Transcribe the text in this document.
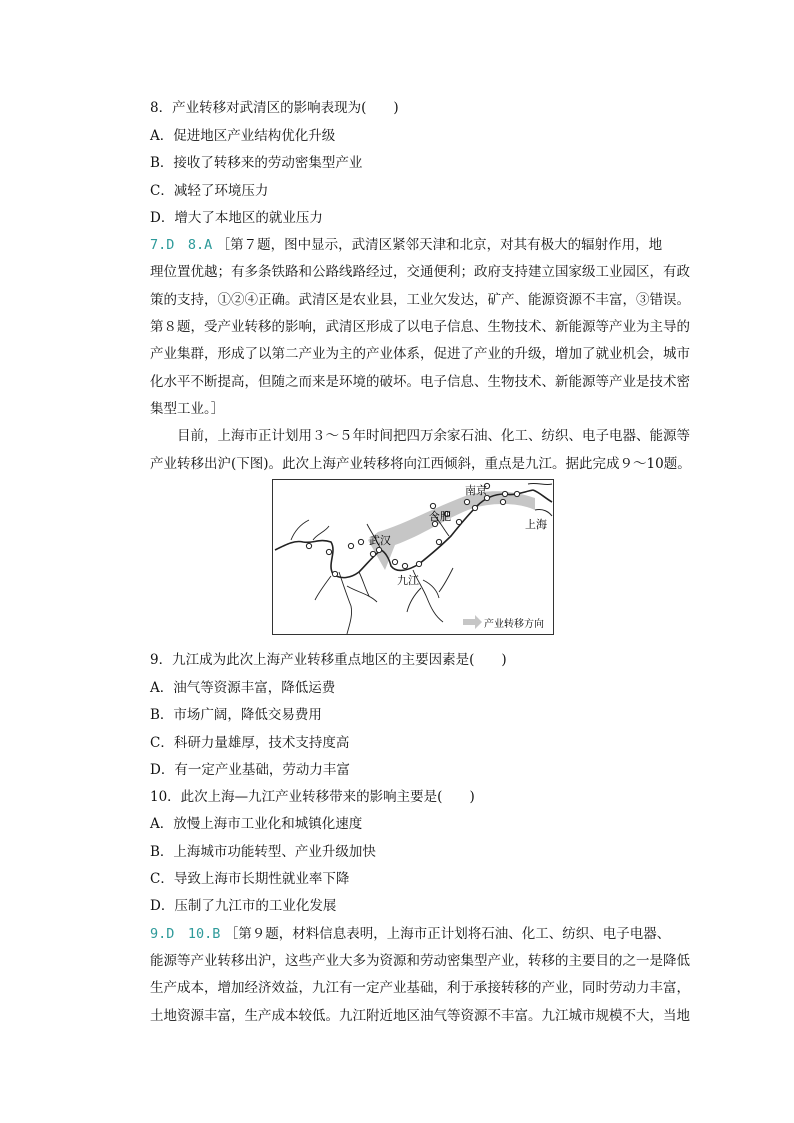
8．产业转移对武清区的影响表现为(　　)
A．促进地区产业结构优化升级
B．接收了转移来的劳动密集型产业
C．减轻了环境压力
D．增大了本地区的就业压力
7.D　8.A ［第７题，图中显示，武清区紧邻天津和北京，对其有极大的辐射作用，地
理位置优越；有多条铁路和公路线路经过，交通便利；政府支持建立国家级工业园区，有政
策的支持，①②④正确。武清区是农业县，工业欠发达，矿产、能源资源不丰富，③错误。
第８题，受产业转移的影响，武清区形成了以电子信息、生物技术、新能源等产业为主导的
产业集群，形成了以第二产业为主的产业体系，促进了产业的升级，增加了就业机会，城市
化水平不断提高，但随之而来是环境的破坏。电子信息、生物技术、新能源等产业是技术密
集型工业。］
目前，上海市正计划用３～５年时间把四万余家石油、化工、纺织、电子电器、能源等
产业转移出沪(下图)。此次上海产业转移将向江西倾斜，重点是九江。据此完成９～10题。
南京
合肥
上海
武汉
九江
产业转移方向
9．九江成为此次上海产业转移重点地区的主要因素是(　　)
A．油气等资源丰富，降低运费
B．市场广阔，降低交易费用
C．科研力量雄厚，技术支持度高
D．有一定产业基础，劳动力丰富
10．此次上海—九江产业转移带来的影响主要是(　　)
A．放慢上海市工业化和城镇化速度
B．上海城市功能转型、产业升级加快
C．导致上海市长期性就业率下降
D．压制了九江市的工业化发展
9.D　10.B ［第９题，材料信息表明，上海市正计划将石油、化工、纺织、电子电器、
能源等产业转移出沪，这些产业大多为资源和劳动密集型产业，转移的主要目的之一是降低
生产成本，增加经济效益，九江有一定产业基础，利于承接转移的产业，同时劳动力丰富，
土地资源丰富，生产成本较低。九江附近地区油气等资源不丰富。九江城市规模不大，当地
